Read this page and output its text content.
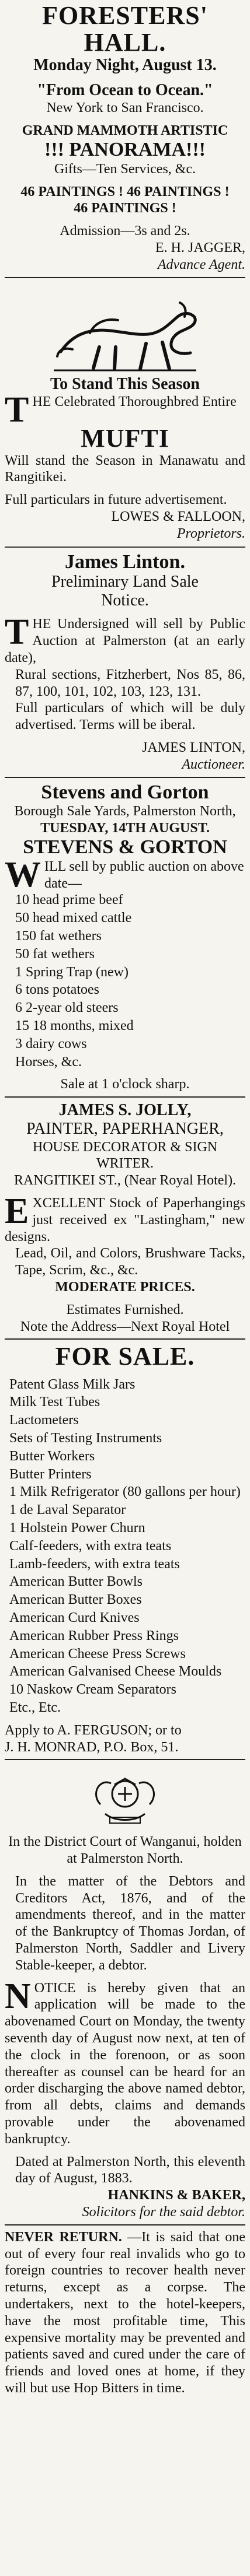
FORESTERS' HALL.
Monday Night, August 13.
"From Ocean to Ocean."
New York to San Francisco.
GRAND MAMMOTH ARTISTIC
!!! PANORAMA!!!
Gifts—Ten Services, &c.
46 PAINTINGS ! 46 PAINTINGS !
46 PAINTINGS !
Admission—3s and 2s.
E. H. JAGGER,
Advance Agent.
To Stand This Season
T HE Celebrated Thoroughbred Entire
MUFTI
Will stand the Season in Manawatu and Rangitikei.
Full particulars in future advertisement.
LOWES & FALLOON,
Proprietors.
James Linton.
Preliminary Land Sale
Notice.
T HE Undersigned will sell by Public Auction at Palmerston (at an early date),
Rural sections, Fitzherbert, Nos 85, 86, 87, 100, 101, 102, 103, 123, 131.
Full particulars of which will be duly advertised. Terms will be iberal.
JAMES LINTON,
Auctioneer.
Stevens and Gorton
Borough Sale Yards, Palmerston North,
TUESDAY, 14TH AUGUST.
STEVENS & GORTON
W ILL sell by public auction on above date—
10 head prime beef
50 head mixed cattle
150 fat wethers
50 fat wethers
1 Spring Trap (new)
6 tons potatoes
6 2-year old steers
15 18 months, mixed
3 dairy cows
Horses, &c.
Sale at 1 o'clock sharp.
JAMES S. JOLLY,
PAINTER, PAPERHANGER,
HOUSE DECORATOR & SIGN WRITER.
RANGITIKEI ST., (Near Royal Hotel).
E XCELLENT Stock of Paperhangings just received ex "Lastingham," new designs.
Lead, Oil, and Colors, Brushware Tacks, Tape, Scrim, &c., &c.
MODERATE PRICES.
Estimates Furnished.
Note the Address—Next Royal Hotel
FOR SALE.
Patent Glass Milk Jars
Milk Test Tubes
Lactometers
Sets of Testing Instruments
Butter Workers
Butter Printers
1 Milk Refrigerator (80 gallons per hour)
1 de Laval Separator
1 Holstein Power Churn
Calf-feeders, with extra teats
Lamb-feeders, with extra teats
American Butter Bowls
American Butter Boxes
American Curd Knives
American Rubber Press Rings
American Cheese Press Screws
American Galvanised Cheese Moulds
10 Naskow Cream Separators
Etc., Etc.
Apply to A. FERGUSON; or to
J. H. MONRAD, P.O. Box, 51.
In the District Court of Wanganui, holden at Palmerston North.
In the matter of the Debtors and Creditors Act, 1876, and of the amendments thereof, and in the matter of the Bankruptcy of Thomas Jordan, of Palmerston North, Saddler and Livery Stable-keeper, a debtor.
N OTICE is hereby given that an application will be made to the abovenamed Court on Monday, the twenty seventh day of August now next, at ten of the clock in the forenoon, or as soon thereafter as counsel can be heard for an order discharging the above named debtor, from all debts, claims and demands provable under the abovenamed bankruptcy.
Dated at Palmerston North, this eleventh day of August, 1883.
HANKINS & BAKER,
Solicitors for the said debtor.
NEVER RETURN. —It is said that one out of every four real invalids who go to foreign countries to recover health never returns, except as a corpse. The undertakers, next to the hotel-keepers, have the most profitable time, This expensive mortality may be prevented and patients saved and cured under the care of friends and loved ones at home, if they will but use Hop Bitters in time.
